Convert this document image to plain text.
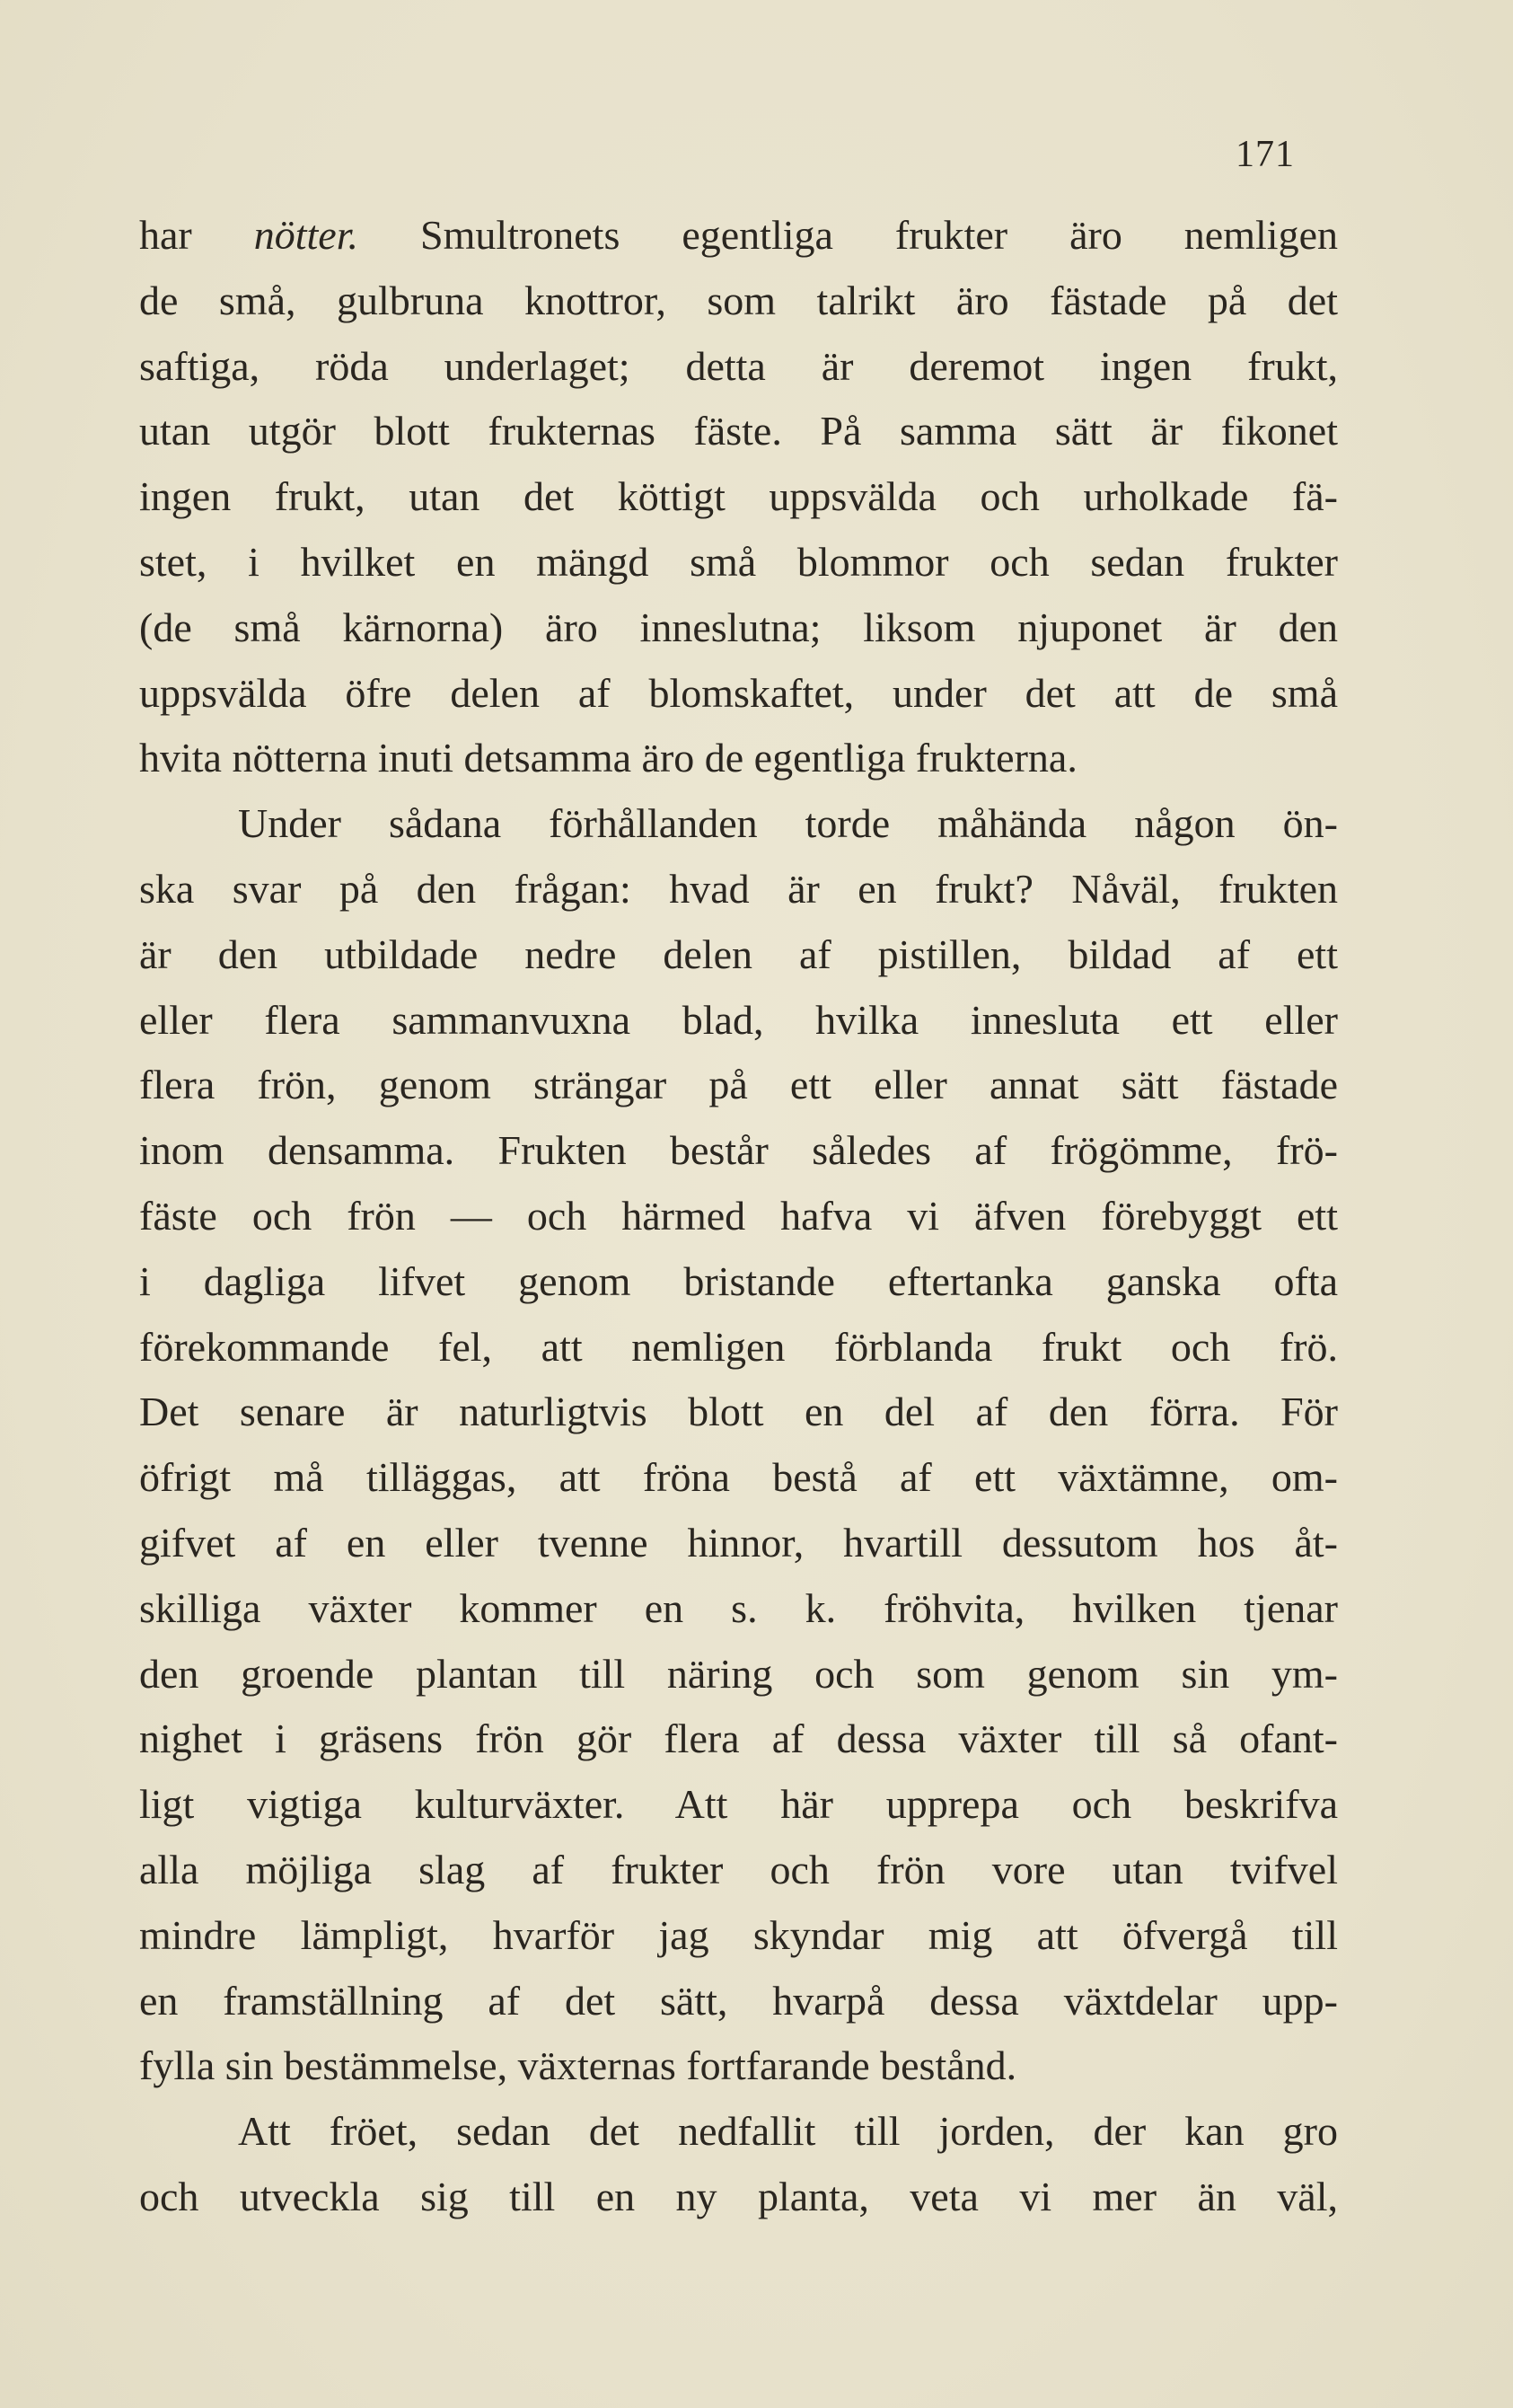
171
har nötter. Smultronets egentliga frukter äro nemligen
de små, gulbruna knottror, som talrikt äro fästade på det
saftiga, röda underlaget; detta är deremot ingen frukt,
utan utgör blott frukternas fäste. På samma sätt är fikonet
ingen frukt, utan det köttigt uppsvälda och urholkade fä-
stet, i hvilket en mängd små blommor och sedan frukter
(de små kärnorna) äro inneslutna; liksom njuponet är den
uppsvälda öfre delen af blomskaftet, under det att de små
hvita nötterna inuti detsamma äro de egentliga frukterna.
Under sådana förhållanden torde måhända någon ön-
ska svar på den frågan: hvad är en frukt? Nåväl, frukten
är den utbildade nedre delen af pistillen, bildad af ett
eller flera sammanvuxna blad, hvilka innesluta ett eller
flera frön, genom strängar på ett eller annat sätt fästade
inom densamma. Frukten består således af frögömme, frö-
fäste och frön — och härmed hafva vi äfven förebyggt ett
i dagliga lifvet genom bristande eftertanka ganska ofta
förekommande fel, att nemligen förblanda frukt och frö.
Det senare är naturligtvis blott en del af den förra. För
öfrigt må tilläggas, att fröna bestå af ett växtämne, om-
gifvet af en eller tvenne hinnor, hvartill dessutom hos åt-
skilliga växter kommer en s. k. fröhvita, hvilken tjenar
den groende plantan till näring och som genom sin ym-
nighet i gräsens frön gör flera af dessa växter till så ofant-
ligt vigtiga kulturväxter. Att här upprepa och beskrifva
alla möjliga slag af frukter och frön vore utan tvifvel
mindre lämpligt, hvarför jag skyndar mig att öfvergå till
en framställning af det sätt, hvarpå dessa växtdelar upp-
fylla sin bestämmelse, växternas fortfarande bestånd.
Att fröet, sedan det nedfallit till jorden, der kan gro
och utveckla sig till en ny planta, veta vi mer än väl,
